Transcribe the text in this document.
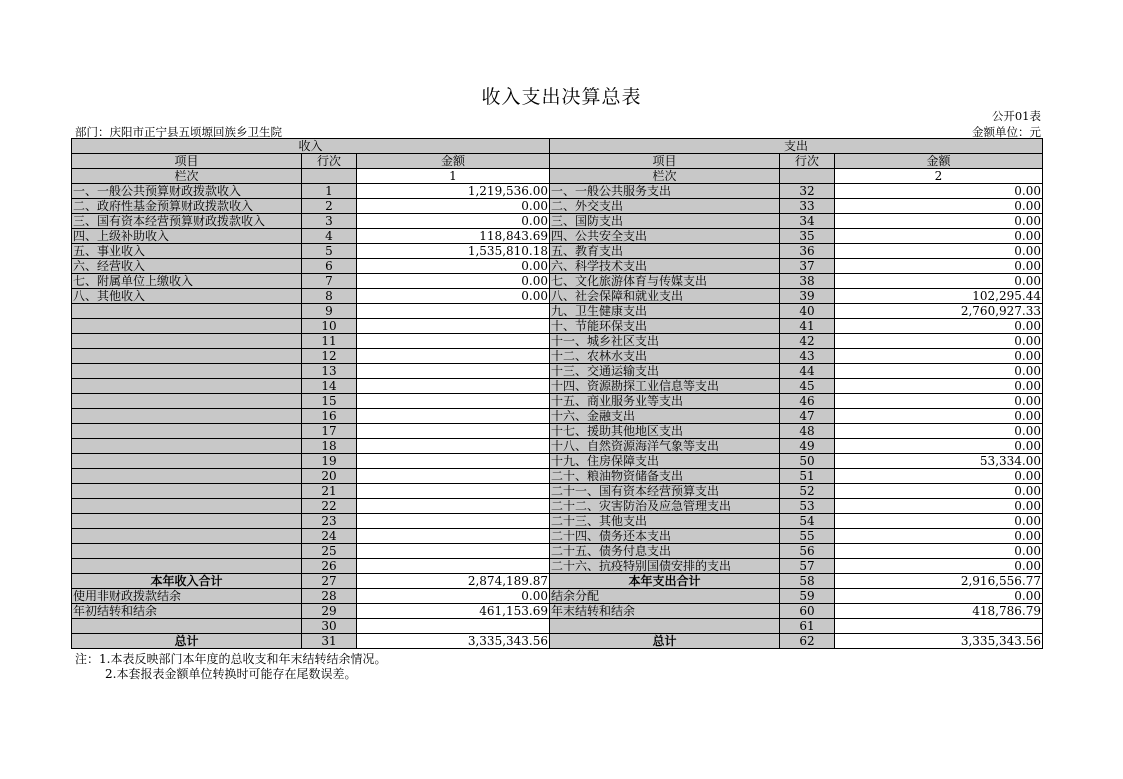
收入支出决算总表
公开01表
部门：庆阳市正宁县五顷塬回族乡卫生院	金额单位：元
收入			支出		
项目	行次	金额	项目	行次	金额
栏次		1	栏次		2
一、一般公共预算财政拨款收入	1	1,219,536.00	一、一般公共服务支出	32	0.00
二、政府性基金预算财政拨款收入	2	0.00	二、外交支出	33	0.00
三、国有资本经营预算财政拨款收入	3	0.00	三、国防支出	34	0.00
四、上级补助收入	4	118,843.69	四、公共安全支出	35	0.00
五、事业收入	5	1,535,810.18	五、教育支出	36	0.00
六、经营收入	6	0.00	六、科学技术支出	37	0.00
七、附属单位上缴收入	7	0.00	七、文化旅游体育与传媒支出	38	0.00
八、其他收入	8	0.00	八、社会保障和就业支出	39	102,295.44
	9		九、卫生健康支出	40	2,760,927.33
	10		十、节能环保支出	41	0.00
	11		十一、城乡社区支出	42	0.00
	12		十二、农林水支出	43	0.00
	13		十三、交通运输支出	44	0.00
	14		十四、资源勘探工业信息等支出	45	0.00
	15		十五、商业服务业等支出	46	0.00
	16		十六、金融支出	47	0.00
	17		十七、援助其他地区支出	48	0.00
	18		十八、自然资源海洋气象等支出	49	0.00
	19		十九、住房保障支出	50	53,334.00
	20		二十、粮油物资储备支出	51	0.00
	21		二十一、国有资本经营预算支出	52	0.00
	22		二十二、灾害防治及应急管理支出	53	0.00
	23		二十三、其他支出	54	0.00
	24		二十四、债务还本支出	55	0.00
	25		二十五、债务付息支出	56	0.00
	26		二十六、抗疫特别国债安排的支出	57	0.00
本年收入合计	27	2,874,189.87	本年支出合计	58	2,916,556.77
使用非财政拨款结余	28	0.00	结余分配	59	0.00
年初结转和结余	29	461,153.69	年末结转和结余	60	418,786.79
	30			61	
总计	31	3,335,343.56	总计	62	3,335,343.56
注：1.本表反映部门本年度的总收支和年末结转结余情况。
2.本套报表金额单位转换时可能存在尾数误差。
